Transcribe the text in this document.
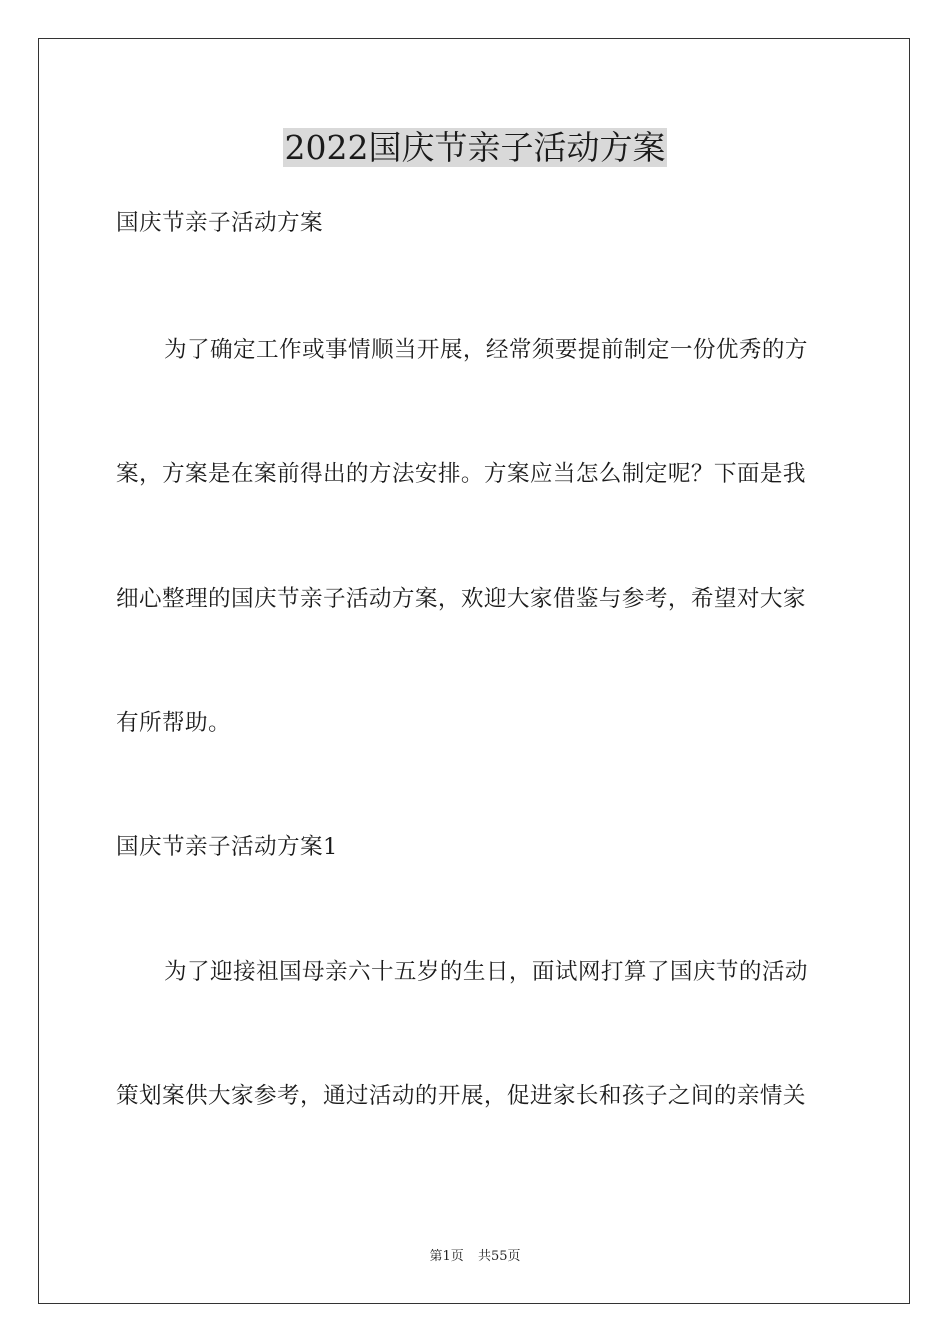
2022国庆节亲子活动方案

国庆节亲子活动方案

为了确定工作或事情顺当开展，经常须要提前制定一份优秀的方

案，方案是在案前得出的方法安排。方案应当怎么制定呢？下面是我

细心整理的国庆节亲子活动方案，欢迎大家借鉴与参考，希望对大家

有所帮助。

国庆节亲子活动方案1

为了迎接祖国母亲六十五岁的生日，面试网打算了国庆节的活动

策划案供大家参考，通过活动的开展，促进家长和孩子之间的亲情关

第1页 共55页
